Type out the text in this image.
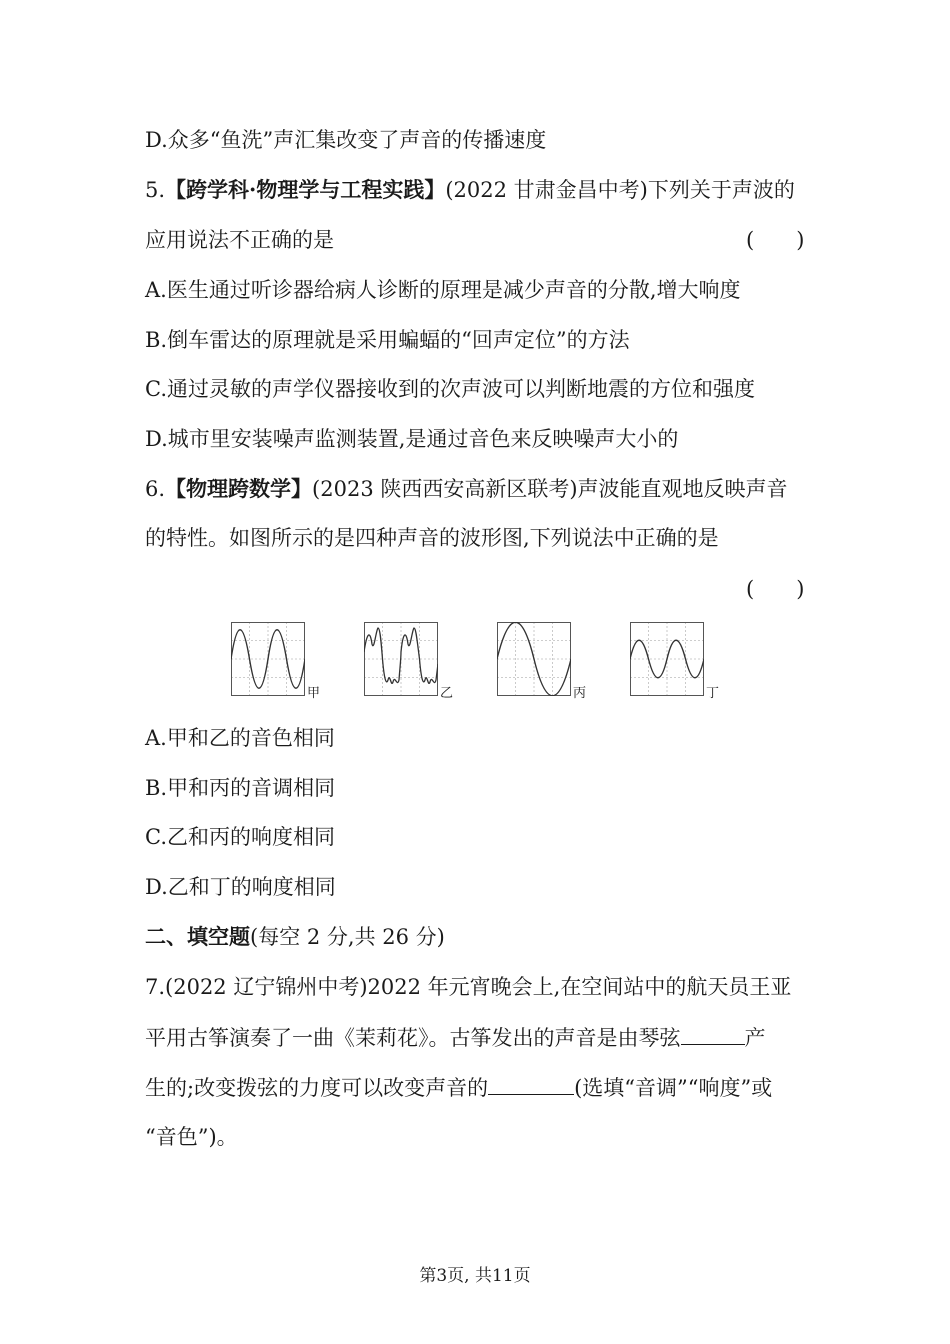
D.众多“鱼洗”声汇集改变了声音的传播速度
5.【跨学科·物理学与工程实践】(2022 甘肃金昌中考)下列关于声波的
应用说法不正确的是	(　　)
A.医生通过听诊器给病人诊断的原理是减少声音的分散,增大响度
B.倒车雷达的原理就是采用蝙蝠的“回声定位”的方法
C.通过灵敏的声学仪器接收到的次声波可以判断地震的方位和强度
D.城市里安装噪声监测装置,是通过音色来反映噪声大小的
6.【物理跨数学】(2023 陕西西安高新区联考)声波能直观地反映声音
的特性。如图所示的是四种声音的波形图,下列说法中正确的是
(　　)
甲	乙	丙	丁
A.甲和乙的音色相同
B.甲和丙的音调相同
C.乙和丙的响度相同
D.乙和丁的响度相同
二、填空题(每空 2 分,共 26 分)
7.(2022 辽宁锦州中考)2022 年元宵晚会上,在空间站中的航天员王亚
平用古筝演奏了一曲《茉莉花》。古筝发出的声音是由琴弦	产
生的;改变拨弦的力度可以改变声音的	(选填“音调”“响度”或
“音色”)。
第3页, 共11页
